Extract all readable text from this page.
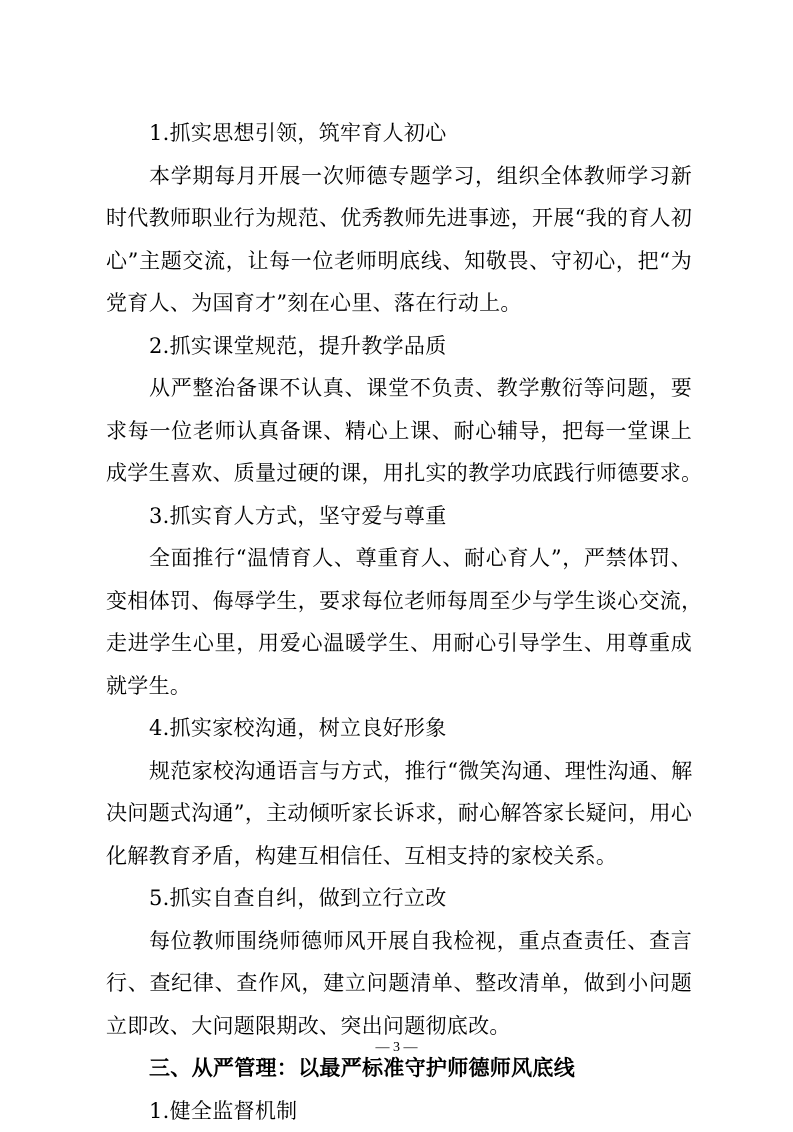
1.抓实思想引领，筑牢育人初心
本学期每月开展一次师德专题学习，组织全体教师学习新
时代教师职业行为规范、优秀教师先进事迹，开展“我的育人初
心”主题交流，让每一位老师明底线、知敬畏、守初心，把“为
党育人、为国育才”刻在心里、落在行动上。
2.抓实课堂规范，提升教学品质
从严整治备课不认真、课堂不负责、教学敷衍等问题，要
求每一位老师认真备课、精心上课、耐心辅导，把每一堂课上
成学生喜欢、质量过硬的课，用扎实的教学功底践行师德要求。
3.抓实育人方式，坚守爱与尊重
全面推行“温情育人、尊重育人、耐心育人”，严禁体罚、
变相体罚、侮辱学生，要求每位老师每周至少与学生谈心交流，
走进学生心里，用爱心温暖学生、用耐心引导学生、用尊重成
就学生。
4.抓实家校沟通，树立良好形象
规范家校沟通语言与方式，推行“微笑沟通、理性沟通、解
决问题式沟通”，主动倾听家长诉求，耐心解答家长疑问，用心
化解教育矛盾，构建互相信任、互相支持的家校关系。
5.抓实自查自纠，做到立行立改
每位教师围绕师德师风开展自我检视，重点查责任、查言
行、查纪律、查作风，建立问题清单、整改清单，做到小问题
立即改、大问题限期改、突出问题彻底改。
三、从严管理：以最严标准守护师德师风底线
1.健全监督机制
— 3 —
